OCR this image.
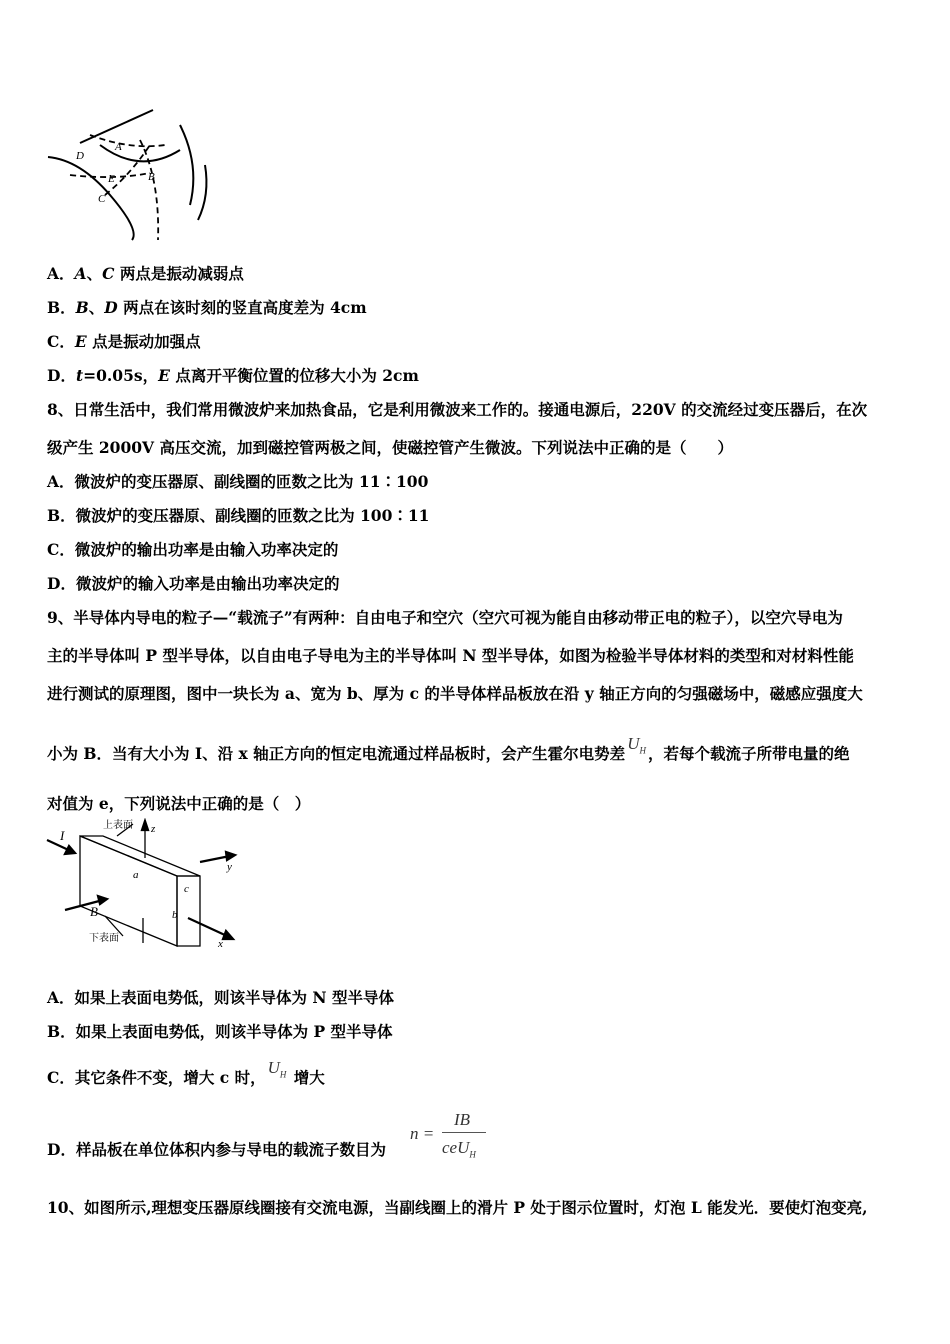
A
B
C
D
E
A．A、C 两点是振动减弱点
B．B、D 两点在该时刻的竖直高度差为 4cm
C．E 点是振动加强点
D．t=0.05s，E 点离开平衡位置的位移大小为 2cm
8、日常生活中，我们常用微波炉来加热食品，它是利用微波来工作的。接通电源后，220V 的交流经过变压器后，在次
级产生 2000V 高压交流，加到磁控管两极之间，使磁控管产生微波。下列说法中正确的是（　　）
A．微波炉的变压器原、副线圈的匝数之比为 11∶100
B．微波炉的变压器原、副线圈的匝数之比为 100∶11
C．微波炉的输出功率是由输入功率决定的
D．微波炉的输入功率是由输出功率决定的
9、半导体内导电的粒子—“载流子”有两种：自由电子和空穴（空穴可视为能自由移动带正电的粒子），以空穴导电为
主的半导体叫 P 型半导体，以自由电子导电为主的半导体叫 N 型半导体，如图为检验半导体材料的类型和对材料性能
进行测试的原理图，图中一块长为 a、宽为 b、厚为 c 的半导体样品板放在沿 y 轴正方向的匀强磁场中，磁感应强度大
小为 B．当有大小为 I、沿 x 轴正方向的恒定电流通过样品板时，会产生霍尔电势差$U_H$ ，若每个载流子所带电量的绝
对值为 e，下列说法中正确的是（　）
上表面
下表面
I	z
y
x
a
b
c
B
A．如果上表面电势低，则该半导体为 N 型半导体
B．如果上表面电势低，则该半导体为 P 型半导体
C．其它条件不变，增大 c 时，$U_H$ 增大
D．样品板在单位体积内参与导电的载流子数目为
n =
IB
ceU$_H$
10、如图所示,理想变压器原线圈接有交流电源，当副线圈上的滑片 P 处于图示位置时，灯泡 L 能发光．要使灯泡变亮,
